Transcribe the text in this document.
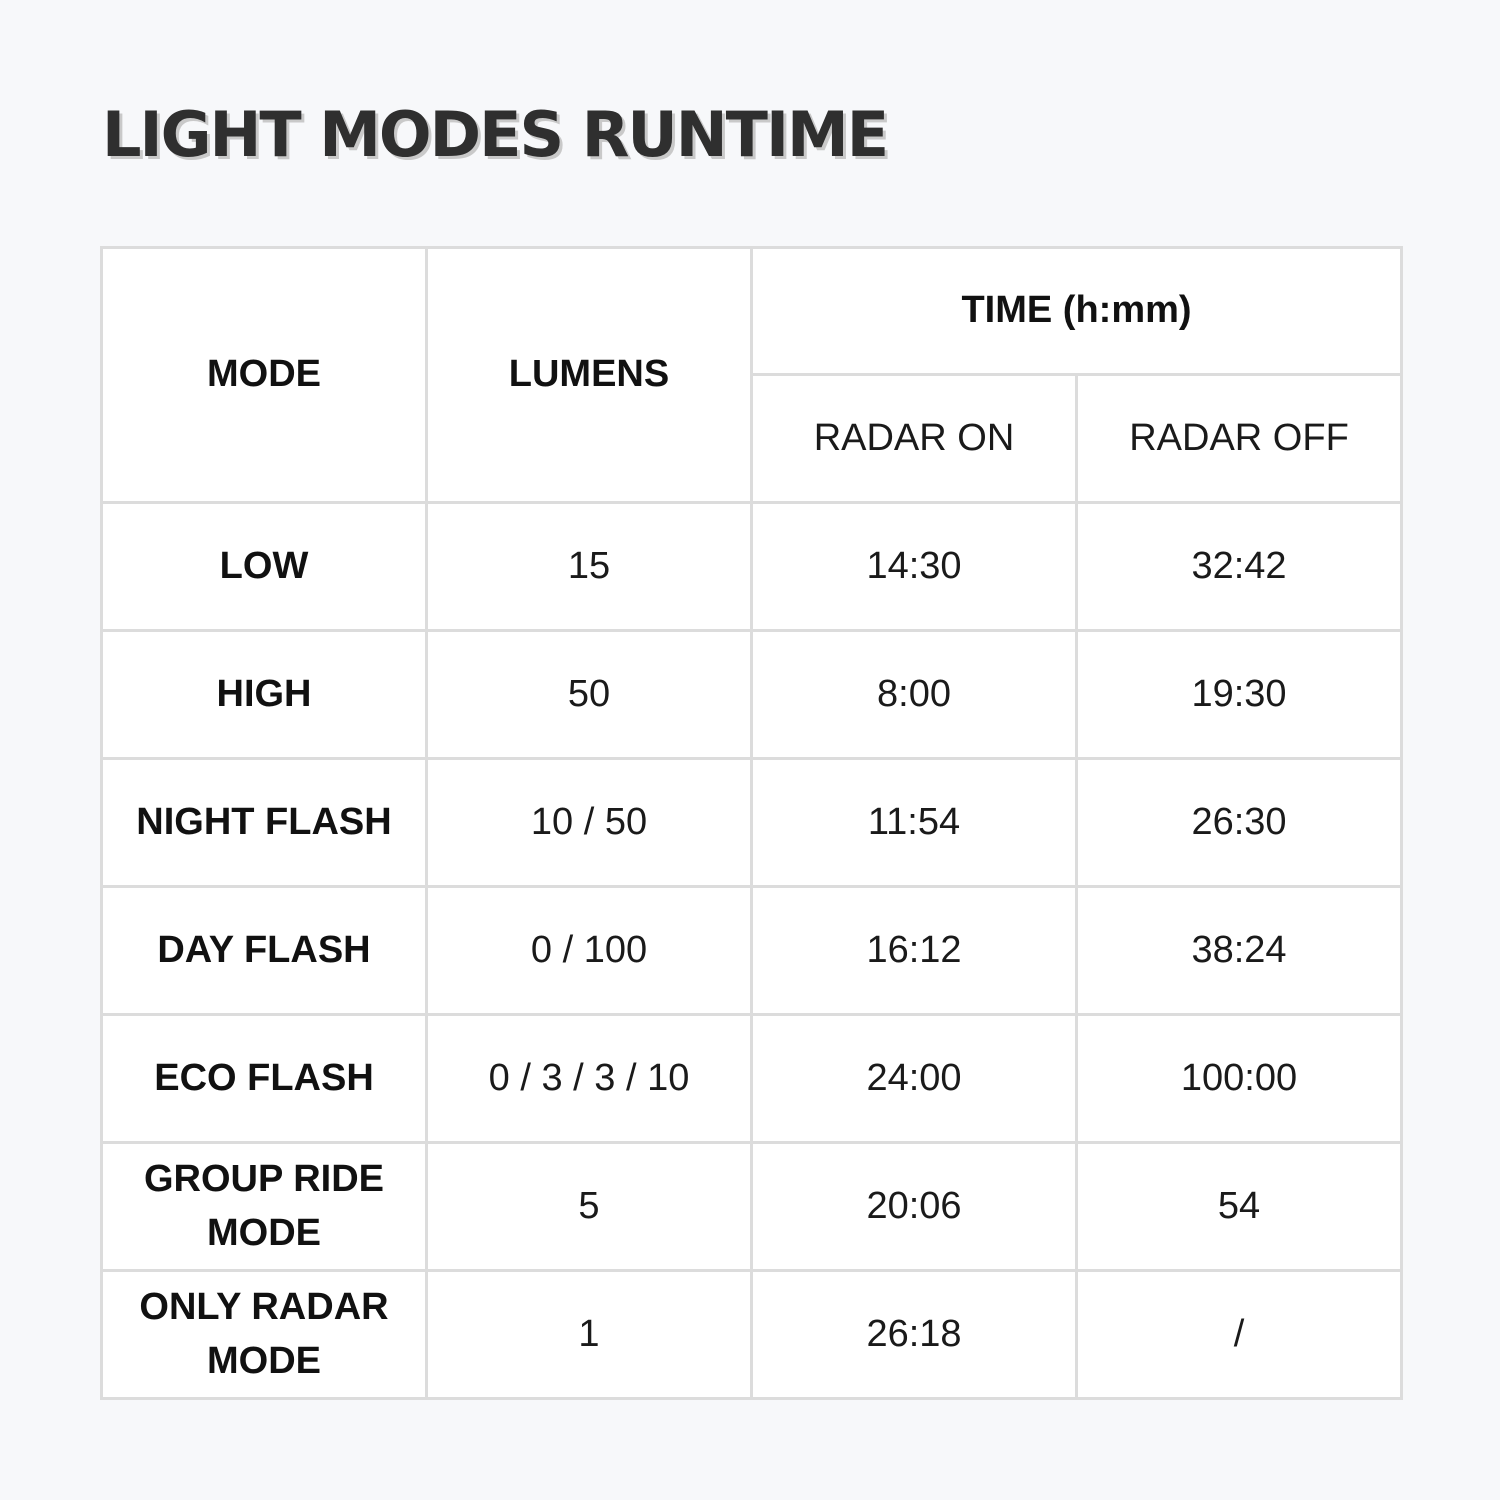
LIGHT MODES RUNTIME
MODE	LUMENS	TIME (h:mm)	
		RADAR ON	RADAR OFF
LOW	15	14:30	32:42
HIGH	50	8:00	19:30
NIGHT FLASH	10 / 50	11:54	26:30
DAY FLASH	0 / 100	16:12	38:24
ECO FLASH	0 / 3 / 3 / 10	24:00	100:00
GROUP RIDE MODE	5	20:06	54
ONLY RADAR MODE	1	26:18	/
